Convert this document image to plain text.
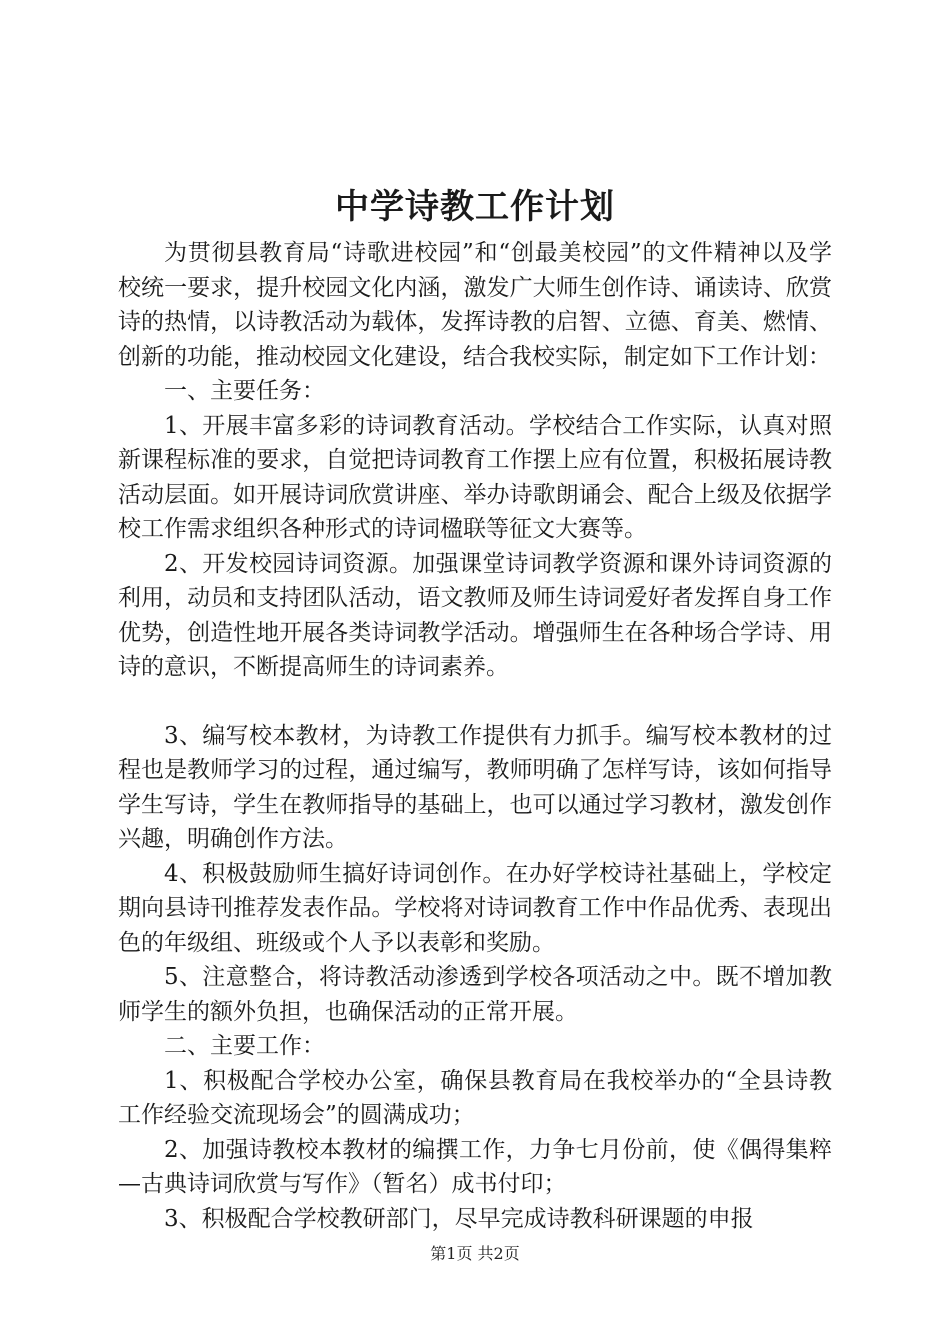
中学诗教工作计划

为贯彻县教育局“诗歌进校园”和“创最美校园”的文件精神以及学校统一要求，提升校园文化内涵，激发广大师生创作诗、诵读诗、欣赏诗的热情，以诗教活动为载体，发挥诗教的启智、立德、育美、燃情、创新的功能，推动校园文化建设，结合我校实际，制定如下工作计划：

一、主要任务：

1、开展丰富多彩的诗词教育活动。学校结合工作实际，认真对照新课程标准的要求，自觉把诗词教育工作摆上应有位置，积极拓展诗教活动层面。如开展诗词欣赏讲座、举办诗歌朗诵会、配合上级及依据学校工作需求组织各种形式的诗词楹联等征文大赛等。

2、开发校园诗词资源。加强课堂诗词教学资源和课外诗词资源的利用，动员和支持团队活动，语文教师及师生诗词爱好者发挥自身工作优势，创造性地开展各类诗词教学活动。增强师生在各种场合学诗、用诗的意识，不断提高师生的诗词素养。

3、编写校本教材，为诗教工作提供有力抓手。编写校本教材的过程也是教师学习的过程，通过编写，教师明确了怎样写诗，该如何指导学生写诗，学生在教师指导的基础上，也可以通过学习教材，激发创作兴趣，明确创作方法。

4、积极鼓励师生搞好诗词创作。在办好学校诗社基础上，学校定期向县诗刊推荐发表作品。学校将对诗词教育工作中作品优秀、表现出色的年级组、班级或个人予以表彰和奖励。

5、注意整合，将诗教活动渗透到学校各项活动之中。既不增加教师学生的额外负担，也确保活动的正常开展。

二、主要工作：

1、积极配合学校办公室，确保县教育局在我校举办的“全县诗教工作经验交流现场会”的圆满成功；

2、加强诗教校本教材的编撰工作，力争七月份前，使《偶得集粹—古典诗词欣赏与写作》（暂名）成书付印；

3、积极配合学校教研部门，尽早完成诗教科研课题的申报

第1页 共2页
